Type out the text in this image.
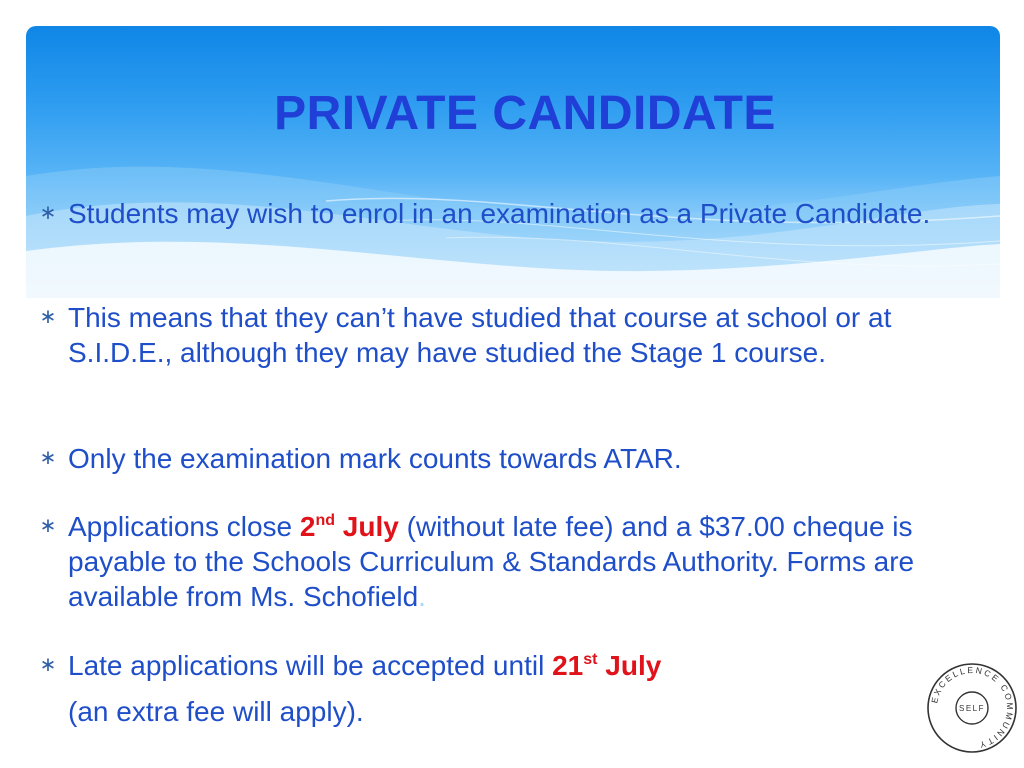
PRIVATE CANDIDATE
∗ Students may wish to enrol in an examination as a Private Candidate.
∗ This means that they can’t have studied that course at school or at S.I.D.E., although they may have studied the Stage 1 course.
∗ Only the examination mark counts towards ATAR.
∗ Applications close 2nd July (without late fee) and a $37.00 cheque is payable to the Schools Curriculum & Standards Authority. Forms are available from Ms. Schofield.
∗ Late applications will be accepted until 21st July
(an extra fee will apply).	EXCELLENCE COMMUNITY
SELF
